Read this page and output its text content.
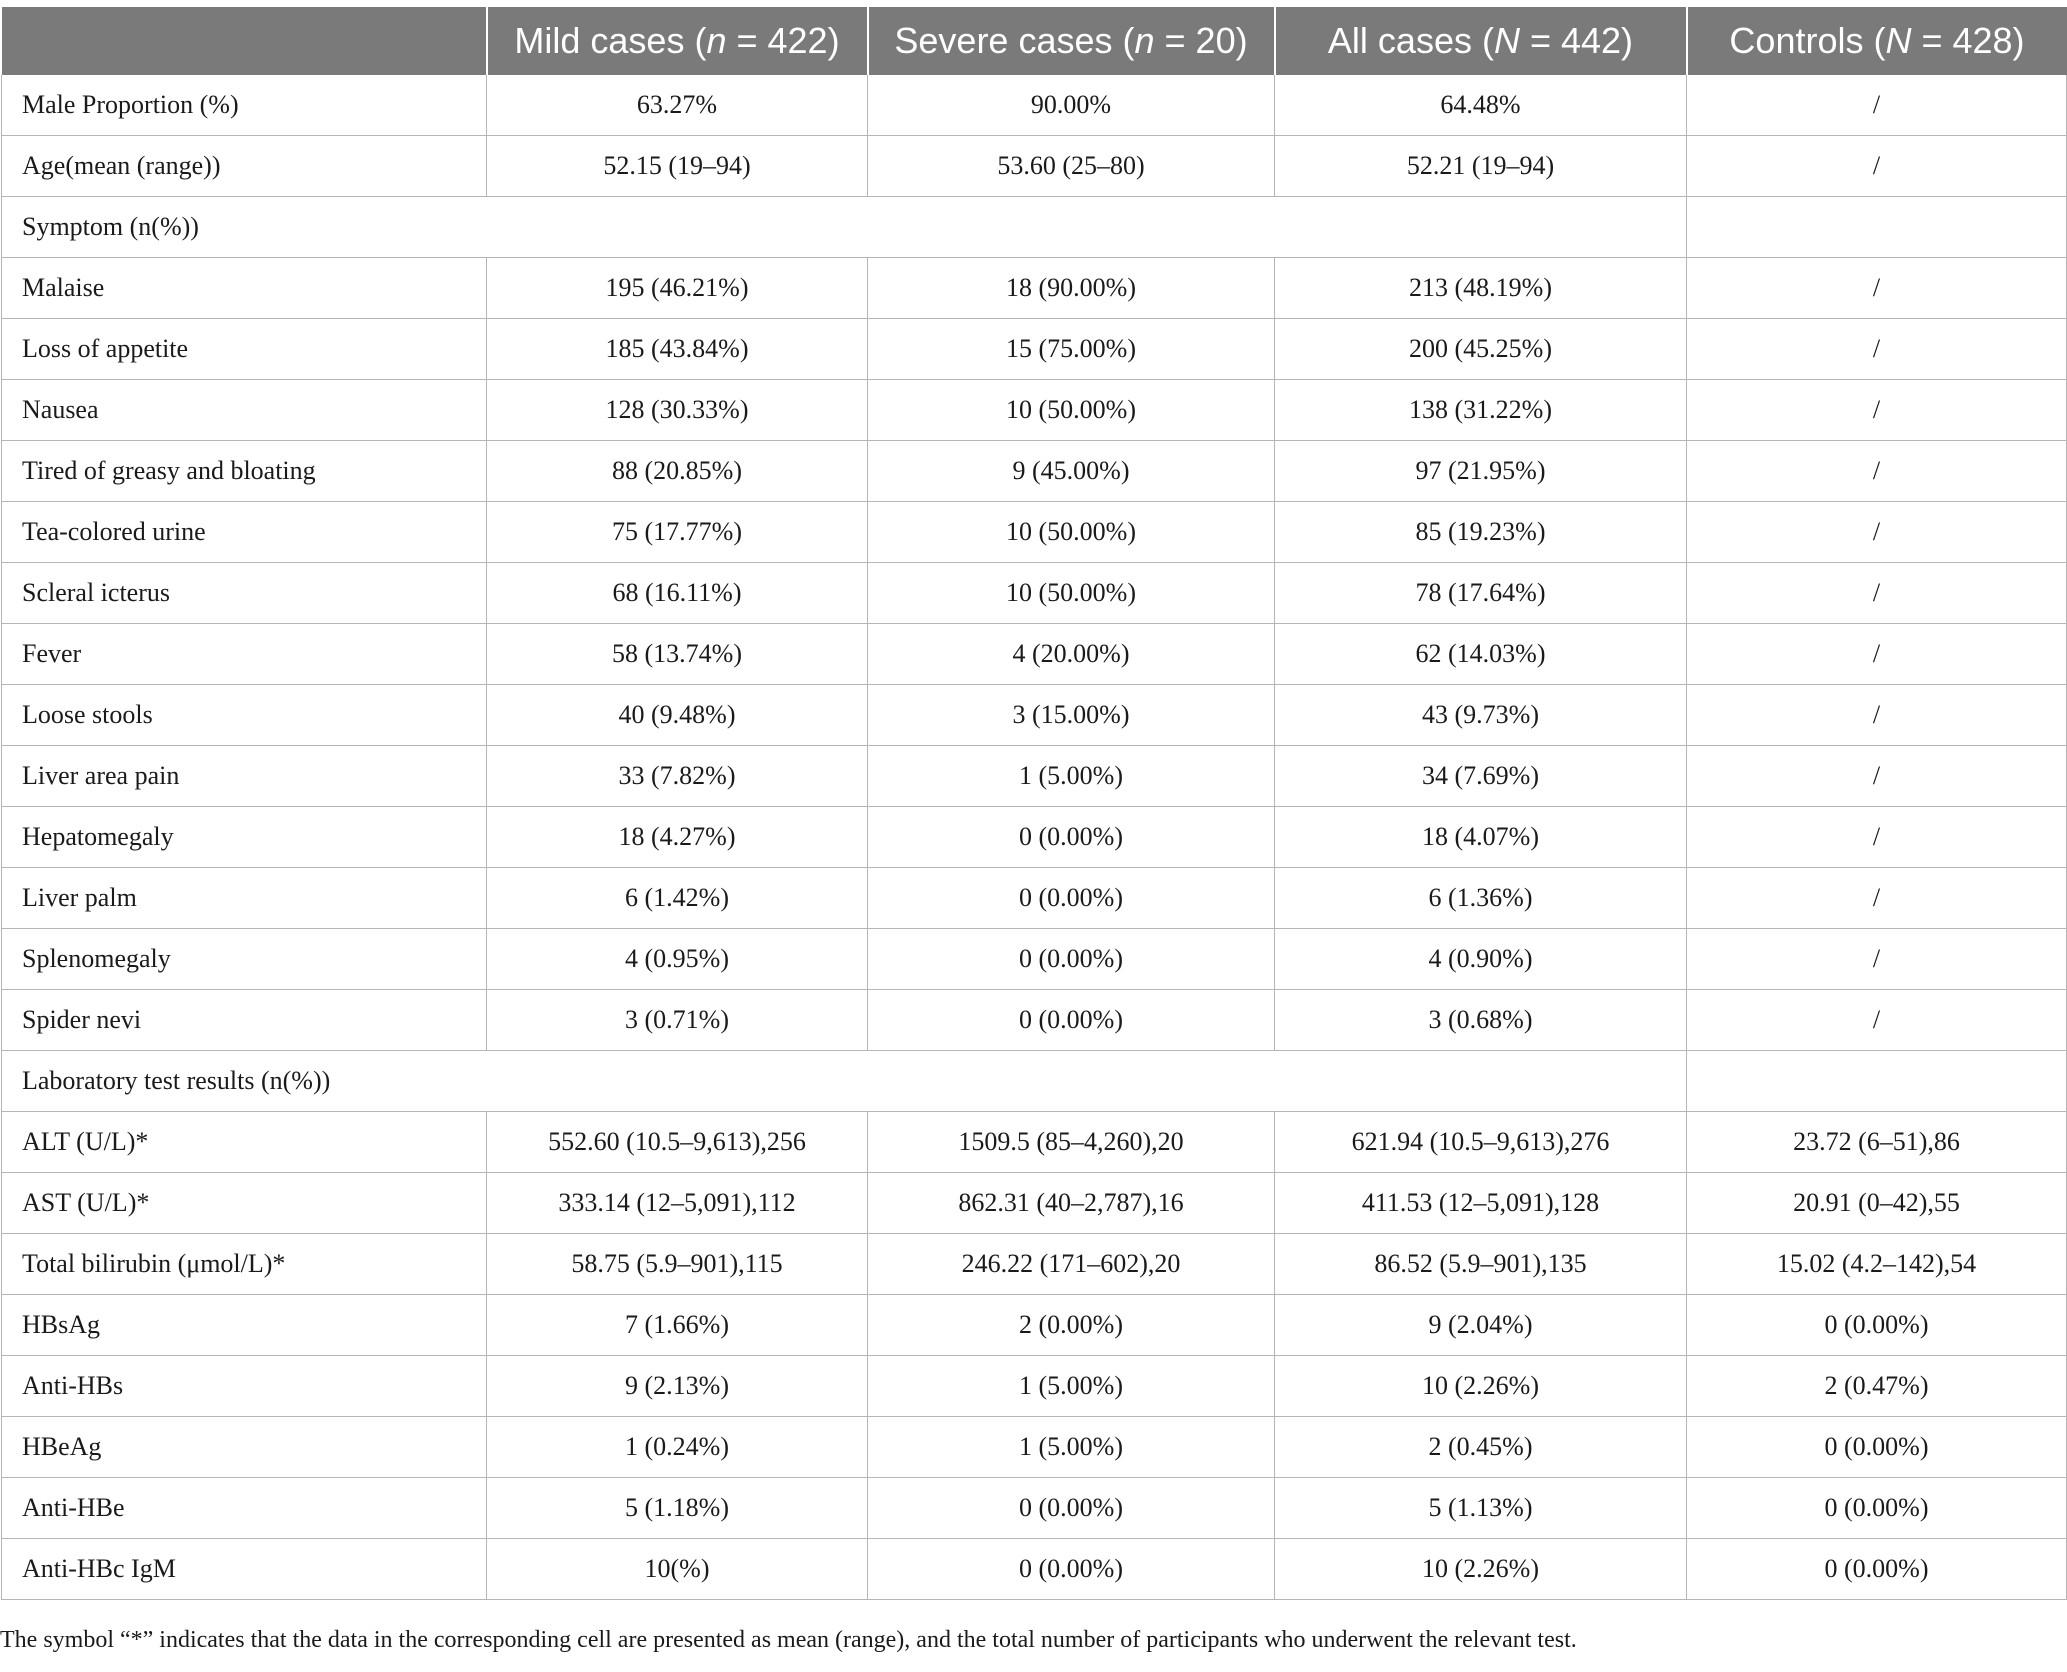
	Mild cases (n = 422)	Severe cases (n = 20)	All cases (N = 442)	Controls (N = 428)
Male Proportion (%)	63.27%	90.00%	64.48%	/
Age(mean (range))	52.15 (19–94)	53.60 (25–80)	52.21 (19–94)	/
Symptom (n(%))				
Malaise	195 (46.21%)	18 (90.00%)	213 (48.19%)	/
Loss of appetite	185 (43.84%)	15 (75.00%)	200 (45.25%)	/
Nausea	128 (30.33%)	10 (50.00%)	138 (31.22%)	/
Tired of greasy and bloating	88 (20.85%)	9 (45.00%)	97 (21.95%)	/
Tea-colored urine	75 (17.77%)	10 (50.00%)	85 (19.23%)	/
Scleral icterus	68 (16.11%)	10 (50.00%)	78 (17.64%)	/
Fever	58 (13.74%)	4 (20.00%)	62 (14.03%)	/
Loose stools	40 (9.48%)	3 (15.00%)	43 (9.73%)	/
Liver area pain	33 (7.82%)	1 (5.00%)	34 (7.69%)	/
Hepatomegaly	18 (4.27%)	0 (0.00%)	18 (4.07%)	/
Liver palm	6 (1.42%)	0 (0.00%)	6 (1.36%)	/
Splenomegaly	4 (0.95%)	0 (0.00%)	4 (0.90%)	/
Spider nevi	3 (0.71%)	0 (0.00%)	3 (0.68%)	/
Laboratory test results (n(%))				
ALT (U/L)*	552.60 (10.5–9,613),256	1509.5 (85–4,260),20	621.94 (10.5–9,613),276	23.72 (6–51),86
AST (U/L)*	333.14 (12–5,091),112	862.31 (40–2,787),16	411.53 (12–5,091),128	20.91 (0–42),55
Total bilirubin (μmol/L)*	58.75 (5.9–901),115	246.22 (171–602),20	86.52 (5.9–901),135	15.02 (4.2–142),54
HBsAg	7 (1.66%)	2 (0.00%)	9 (2.04%)	0 (0.00%)
Anti-HBs	9 (2.13%)	1 (5.00%)	10 (2.26%)	2 (0.47%)
HBeAg	1 (0.24%)	1 (5.00%)	2 (0.45%)	0 (0.00%)
Anti-HBe	5 (1.18%)	0 (0.00%)	5 (1.13%)	0 (0.00%)
Anti-HBc IgM	10(%)	0 (0.00%)	10 (2.26%)	0 (0.00%)
The symbol “*” indicates that the data in the corresponding cell are presented as mean (range), and the total number of participants who underwent the relevant test.
